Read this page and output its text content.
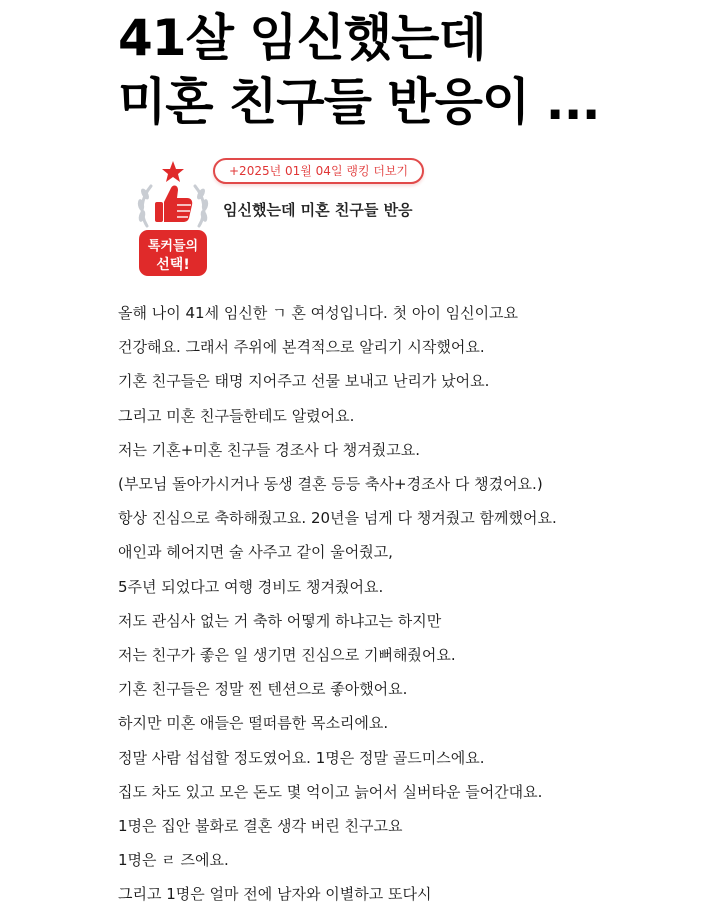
41살 임신했는데
미혼 친구들 반응이 ...
톡커들의
선택!
+2025년 01월 04일 랭킹 더보기
임신했는데 미혼 친구들 반응
올해 나이 41세 임신한 ㄱ 혼 여성입니다. 첫 아이 임신이고요
건강해요. 그래서 주위에 본격적으로 알리기 시작했어요.
기혼 친구들은 태명 지어주고 선물 보내고 난리가 났어요.
그리고 미혼 친구들한테도 알렸어요.
저는 기혼+미혼 친구들 경조사 다 챙겨줬고요.
(부모님 돌아가시거나 동생 결혼 등등 축사+경조사 다 챙겼어요.)
항상 진심으로 축하해줬고요. 20년을 넘게 다 챙겨줬고 함께했어요.
애인과 헤어지면 술 사주고 같이 울어줬고,
5주년 되었다고 여행 경비도 챙겨줬어요.
저도 관심사 없는 거 축하 어떻게 하냐고는 하지만
저는 친구가 좋은 일 생기면 진심으로 기뻐해줬어요.
기혼 친구들은 정말 찐 텐션으로 좋아했어요.
하지만 미혼 애들은 떨떠름한 목소리에요.
정말 사람 섭섭할 정도였어요. 1명은 정말 골드미스에요.
집도 차도 있고 모은 돈도 몇 억이고 늙어서 실버타운 들어간대요.
1명은 집안 불화로 결혼 생각 버린 친구고요
1명은 ㄹ 즈에요.
그리고 1명은 얼마 전에 남자와 이별하고 또다시
